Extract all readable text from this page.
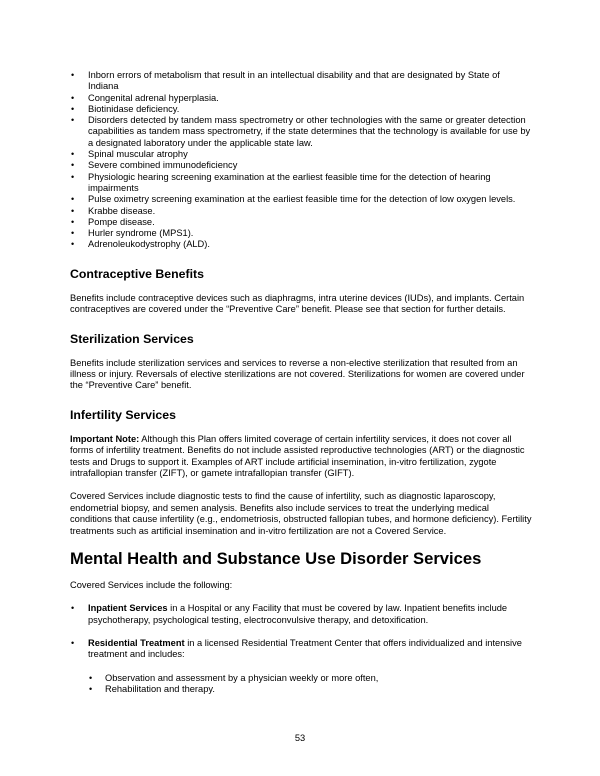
• Inborn errors of metabolism that result in an intellectual disability and that are designated by State of Indiana
• Congenital adrenal hyperplasia.
• Biotinidase deficiency.
• Disorders detected by tandem mass spectrometry or other technologies with the same or greater detection capabilities as tandem mass spectrometry, if the state determines that the technology is available for use by a designated laboratory under the applicable state law.
• Spinal muscular atrophy
• Severe combined immunodeficiency
• Physiologic hearing screening examination at the earliest feasible time for the detection of hearing impairments
• Pulse oximetry screening examination at the earliest feasible time for the detection of low oxygen levels.
• Krabbe disease.
• Pompe disease.
• Hurler syndrome (MPS1).
• Adrenoleukodystrophy (ALD).
Contraceptive Benefits

Benefits include contraceptive devices such as diaphragms, intra uterine devices (IUDs), and implants. Certain contraceptives are covered under the “Preventive Care” benefit. Please see that section for further details.

Sterilization Services

Benefits include sterilization services and services to reverse a non-elective sterilization that resulted from an illness or injury. Reversals of elective sterilizations are not covered. Sterilizations for women are covered under the “Preventive Care” benefit.

Infertility Services

Important Note: Although this Plan offers limited coverage of certain infertility services, it does not cover all forms of infertility treatment. Benefits do not include assisted reproductive technologies (ART) or the diagnostic tests and Drugs to support it. Examples of ART include artificial insemination, in-vitro fertilization, zygote intrafallopian transfer (ZIFT), or gamete intrafallopian transfer (GIFT).

Covered Services include diagnostic tests to find the cause of infertility, such as diagnostic laparoscopy, endometrial biopsy, and semen analysis. Benefits also include services to treat the underlying medical conditions that cause infertility (e.g., endometriosis, obstructed fallopian tubes, and hormone deficiency). Fertility treatments such as artificial insemination and in-vitro fertilization are not a Covered Service.

Mental Health and Substance Use Disorder Services

Covered Services include the following:

• Inpatient Services in a Hospital or any Facility that must be covered by law. Inpatient benefits include psychotherapy, psychological testing, electroconvulsive therapy, and detoxification.
• Residential Treatment in a licensed Residential Treatment Center that offers individualized and intensive treatment and includes:
• Observation and assessment by a physician weekly or more often,
• Rehabilitation and therapy.
53
